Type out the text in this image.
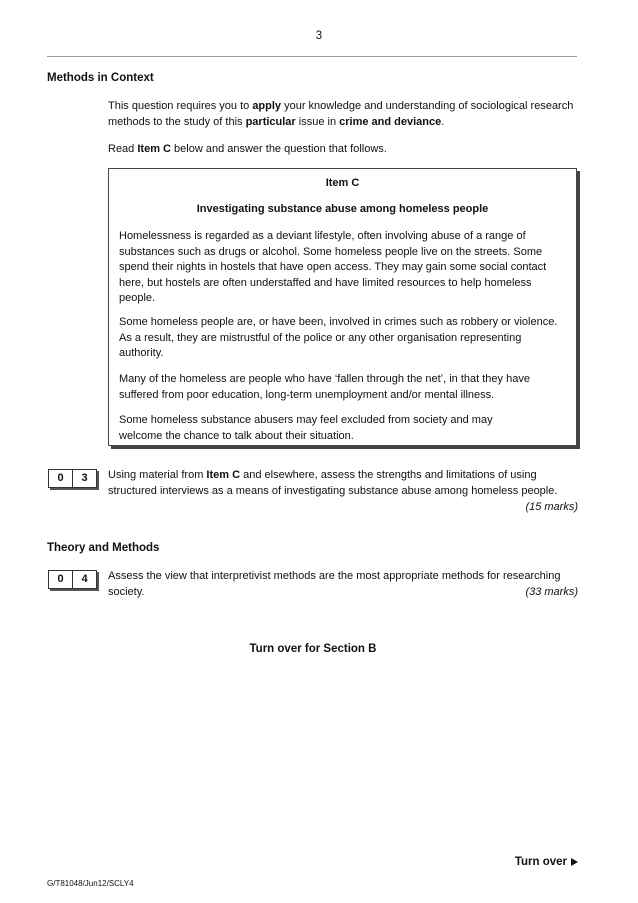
3
Methods in Context
This question requires you to apply your knowledge and understanding of sociological research methods to the study of this particular issue in crime and deviance.
Read Item C below and answer the question that follows.
Item C
Investigating substance abuse among homeless people

Homelessness is regarded as a deviant lifestyle, often involving abuse of a range of substances such as drugs or alcohol. Some homeless people live on the streets. Some spend their nights in hostels that have open access. They may gain some social contact here, but hostels are often understaffed and have limited resources to help homeless people.

Some homeless people are, or have been, involved in crimes such as robbery or violence. As a result, they are mistrustful of the police or any other organisation representing authority.

Many of the homeless are people who have ‘fallen through the net’, in that they have suffered from poor education, long-term unemployment and/or mental illness.

Some homeless substance abusers may feel excluded from society and may welcome the chance to talk about their situation.

0	3	Using material from Item C and elsewhere, assess the strengths and limitations of using structured interviews as a means of investigating substance abuse among homeless people.
(15 marks)
Theory and Methods
0	4	Assess the view that interpretivist methods are the most appropriate methods for researching society.	(33 marks)
Turn over for Section B
Turn over
G/T81048/Jun12/SCLY4
